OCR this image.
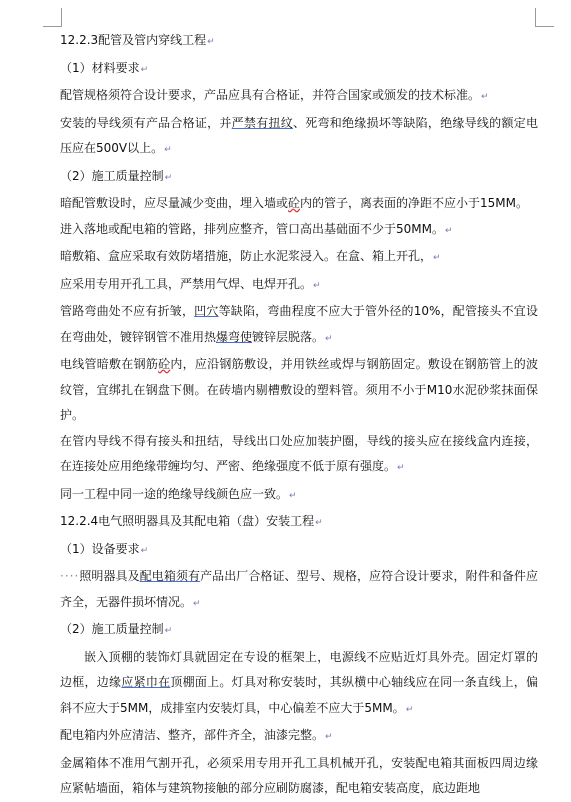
12.2.3配管及管内穿线工程↵

（1）材料要求↵

配管规格须符合设计要求，产品应具有合格证，并符合国家或颁发的技术标准。↵

安装的导线须有产品合格证，并严禁有扭纹、死弯和绝缘损坏等缺陷，绝缘导线的额定电压应在500V以上。↵

（2）施工质量控制↵

暗配管敷设时，应尽量减少变曲，埋入墙或砼内的管子，离表面的净距不应小于15MM。

进入落地或配电箱的管路，排列应整齐，管口高出基础面不少于50MM。↵

暗敷箱、盒应采取有效防堵措施，防止水泥浆浸入。在盒、箱上开孔，↵

应采用专用开孔工具，严禁用气焊、电焊开孔。↵

管路弯曲处不应有折皱，凹穴等缺陷，弯曲程度不应大于管外径的10%，配管接头不宜设在弯曲处，镀锌钢管不准用热爆弯使镀锌层脱落。↵

电线管暗敷在钢筋砼内，应沿钢筋敷设，并用铁丝或焊与钢筋固定。敷设在钢筋管上的波纹管，宜绑扎在钢盘下侧。在砖墙内剔槽敷设的塑料管。须用不小于M10水泥砂浆抹面保护。

在管内导线不得有接头和扭结，导线出口处应加装护圈，导线的接头应在接线盒内连接，在连接处应用绝缘带缠均匀、严密、绝缘强度不低于原有强度。↵

同一工程中同一途的绝缘导线颜色应一致。↵

12.2.4电气照明器具及其配电箱（盘）安装工程↵

（1）设备要求↵

····照明器具及配电箱须有产品出厂合格证、型号、规格，应符合设计要求，附件和备件应齐全，无器件损坏情况。↵

（2）施工质量控制↵

嵌入顶棚的装饰灯具就固定在专设的框架上，电源线不应贴近灯具外壳。固定灯罩的边框，边缘应紧巾在顶棚面上。灯具对称安装时，其纵横中心轴线应在同一条直线上，偏斜不应大于5MM，成排室内安装灯具，中心偏差不应大于5MM。↵

配电箱内外应清洁、整齐，部件齐全，油漆完整。↵

金属箱体不准用气割开孔，必须采用专用开孔工具机械开孔，安装配电箱其面板四周边缘应紧帖墙面，箱体与建筑物接触的部分应刷防腐漆，配电箱安装高度，底边距地
